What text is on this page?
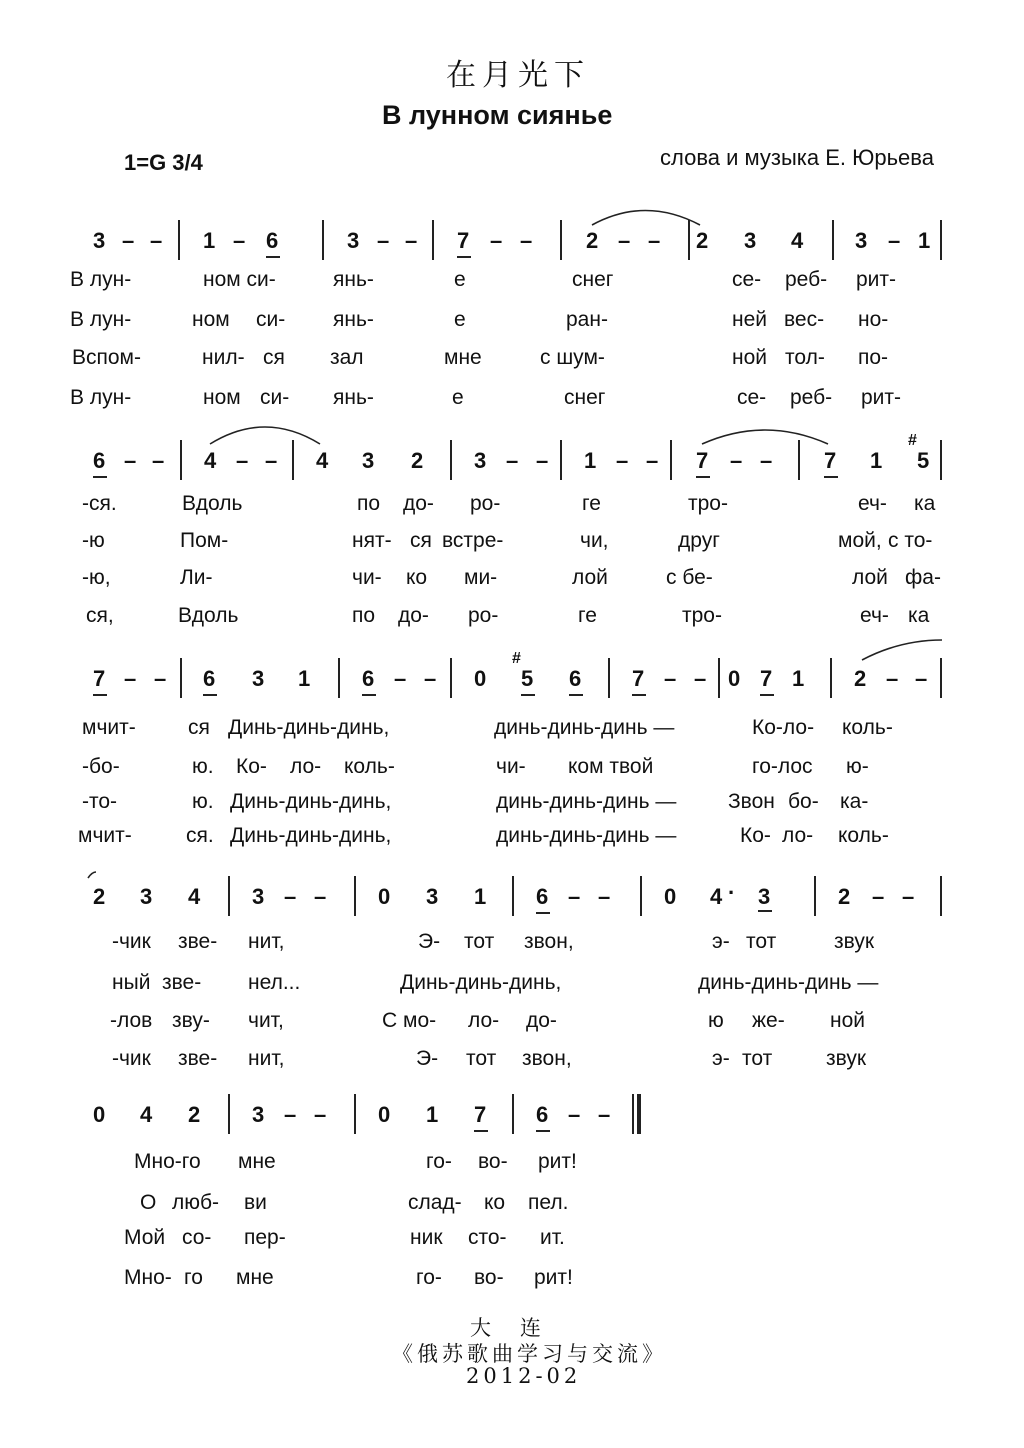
在月光下
В лунном сиянье
1=G 3/4	слова и музыка Е. Юрьева
3 – – 1 – 6	3 – – 7 – – 2 – – 2 3 4 3 – 1
В лун-	ном си-	янь-	е	снег	се- реб- рит-
В лун-	ном си- янь-	е	ран-	ней вес- но-
Вспом-	нил- ся зал	мне	с шум-	ной тол- по-
В лун-	ном си- янь-	е	снег	се- реб- рит-
6 – – 4 – – 4 3 2 3 – – 1 – – 7 – – 7 1
#
5
-ся.	Вдоль	по до- ро-	ге	тро-	еч- ка
-ю	Пом-	нят- ся встре-	чи,	друг	мой, с то-
-ю,	Ли-	чи- ко ми-	лой	с бе-	лой фа-
ся,	Вдоль	по до- ро-	ге	тро-	еч- ка
7 – – 6 3 1 6 – – 0
#
5 6 7 – – 0 7 1 2 – –
мчит- ся Динь-динь-динь,	динь-динь-динь —	Ко-ло- коль-
-бо-	ю. Ко- ло- коль-	чи- ком твой	го-лос ю-
-то-	ю. Динь-динь-динь,	динь-динь-динь — Звон бо- ка-
мчит-	ся. Динь-динь-динь,	динь-динь-динь —	Ко- ло- коль-
2 3 4 3 – – 0 3 1 6 – – 0 4 · 3	2 – –
-чик зве- нит,	Э- тот звон,	э- тот	звук
ный зве- нел...	Динь-динь-динь,	динь-динь-динь —
-лов зву- чит,	С мо- ло- до-	ю же- ной
-чик зве- нит,	Э- тот звон,	э- тот	звук
0 4 2 3 – – 0 1 7 6 – –
Мно-го мне	го- во- рит!
О люб- ви	слад- ко пел.
Мой со- пер-	ник сто- ит.
Мно- го мне	го- во- рит!
大　连
《俄苏歌曲学习与交流》
2012-02
